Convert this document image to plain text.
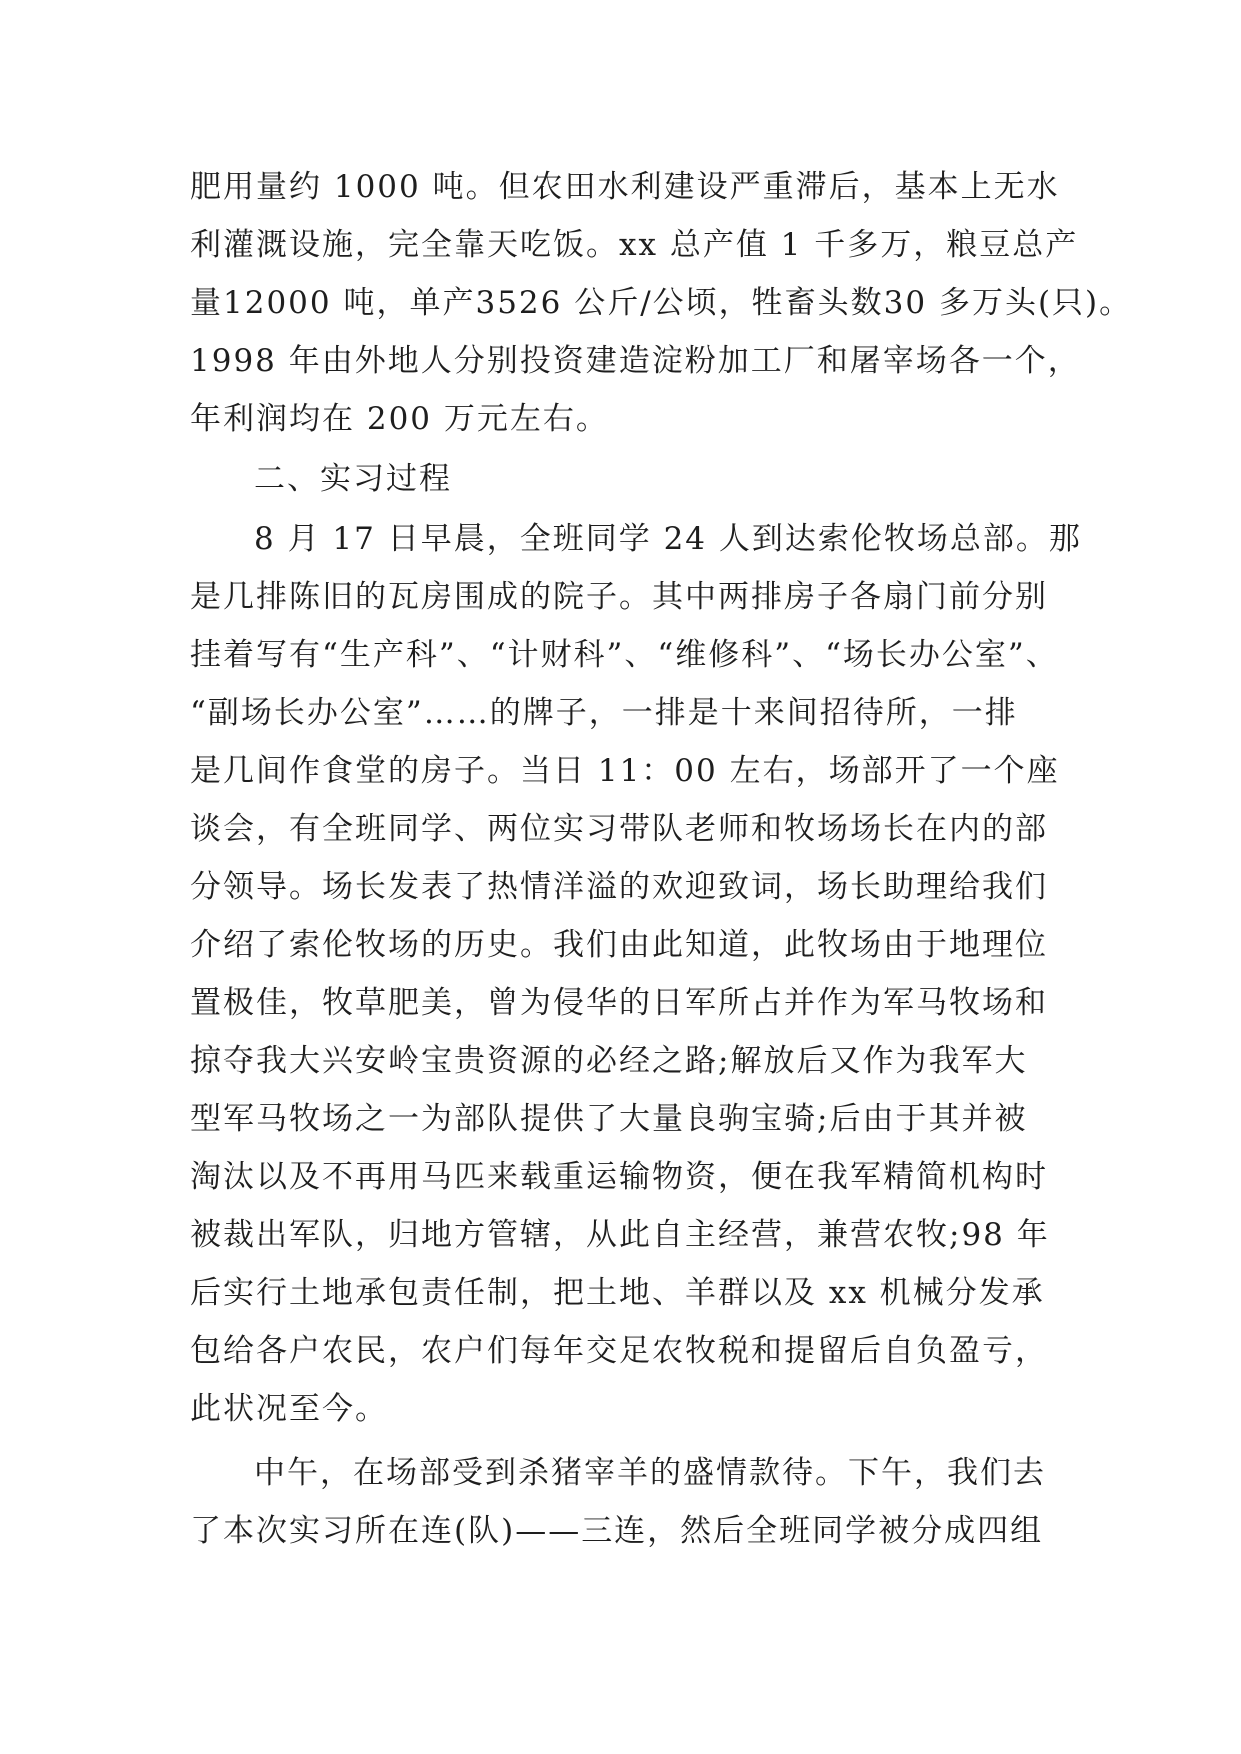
肥用量约 1000 吨。但农田水利建设严重滞后，基本上无水
利灌溉设施，完全靠天吃饭。xx 总产值 1 千多万，粮豆总产
量12000 吨，单产3526 公斤/公顷，牲畜头数30 多万头(只)。
1998 年由外地人分别投资建造淀粉加工厂和屠宰场各一个，
年利润均在 200 万元左右。
二、实习过程
8 月 17 日早晨，全班同学 24 人到达索伦牧场总部。那
是几排陈旧的瓦房围成的院子。其中两排房子各扇门前分别
挂着写有“生产科”、“计财科”、“维修科”、“场长办公室”、
“副场长办公室”……的牌子，一排是十来间招待所，一排
是几间作食堂的房子。当日 11：00 左右，场部开了一个座
谈会，有全班同学、两位实习带队老师和牧场场长在内的部
分领导。场长发表了热情洋溢的欢迎致词，场长助理给我们
介绍了索伦牧场的历史。我们由此知道，此牧场由于地理位
置极佳，牧草肥美，曾为侵华的日军所占并作为军马牧场和
掠夺我大兴安岭宝贵资源的必经之路;解放后又作为我军大
型军马牧场之一为部队提供了大量良驹宝骑;后由于其并被
淘汰以及不再用马匹来载重运输物资，便在我军精简机构时
被裁出军队，归地方管辖，从此自主经营，兼营农牧;98 年
后实行土地承包责任制，把土地、羊群以及 xx 机械分发承
包给各户农民，农户们每年交足农牧税和提留后自负盈亏，
此状况至今。
中午，在场部受到杀猪宰羊的盛情款待。下午，我们去
了本次实习所在连(队)——三连，然后全班同学被分成四组
